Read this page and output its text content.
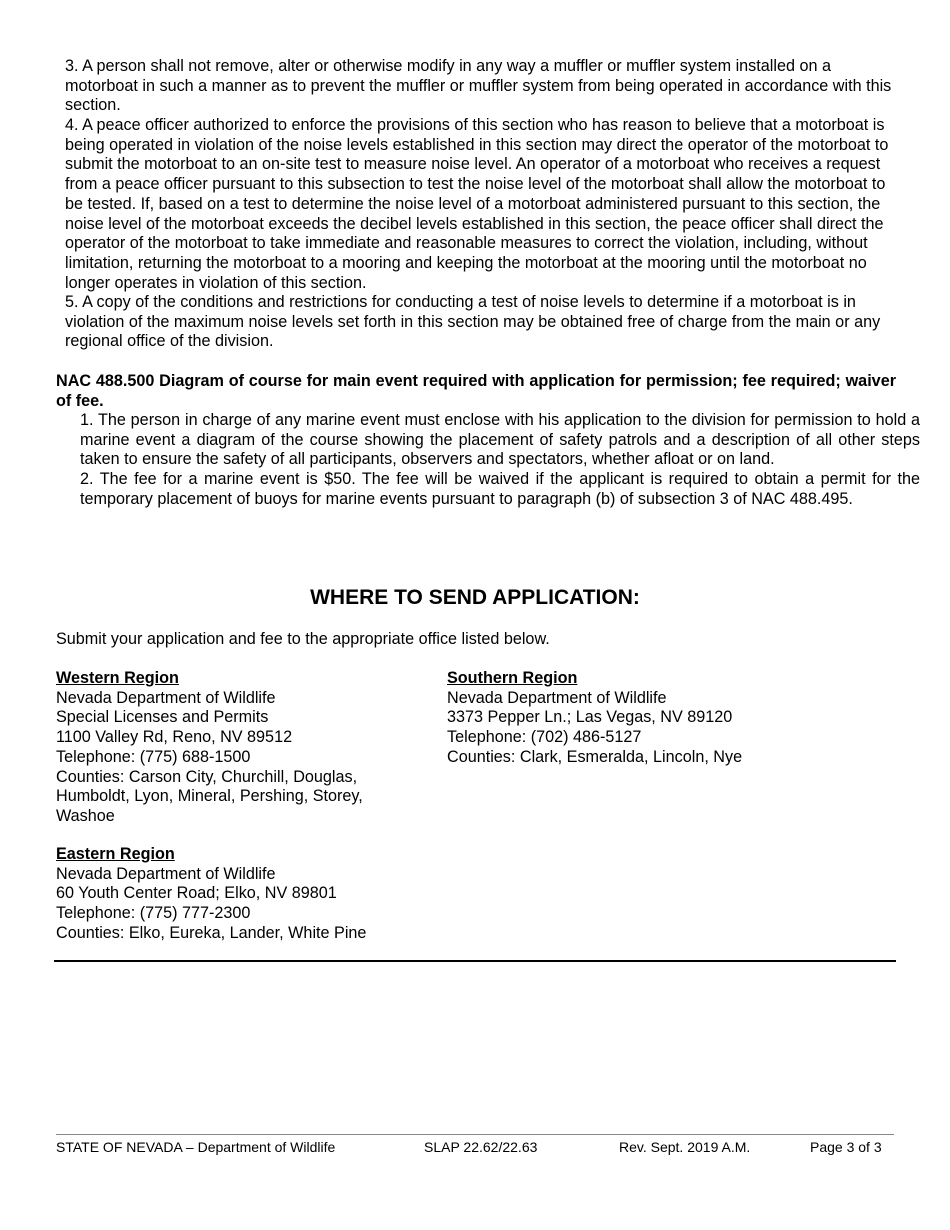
3. A person shall not remove, alter or otherwise modify in any way a muffler or muffler system installed on a motorboat in such a manner as to prevent the muffler or muffler system from being operated in accordance with this section.

4. A peace officer authorized to enforce the provisions of this section who has reason to believe that a motorboat is being operated in violation of the noise levels established in this section may direct the operator of the motorboat to submit the motorboat to an on-site test to measure noise level. An operator of a motorboat who receives a request from a peace officer pursuant to this subsection to test the noise level of the motorboat shall allow the motorboat to be tested. If, based on a test to determine the noise level of a motorboat administered pursuant to this section, the noise level of the motorboat exceeds the decibel levels established in this section, the peace officer shall direct the operator of the motorboat to take immediate and reasonable measures to correct the violation, including, without limitation, returning the motorboat to a mooring and keeping the motorboat at the mooring until the motorboat no longer operates in violation of this section.

5. A copy of the conditions and restrictions for conducting a test of noise levels to determine if a motorboat is in violation of the maximum noise levels set forth in this section may be obtained free of charge from the main or any regional office of the division.

NAC 488.500 Diagram of course for main event required with application for permission; fee required; waiver of fee.

1. The person in charge of any marine event must enclose with his application to the division for permission to hold a marine event a diagram of the course showing the placement of safety patrols and a description of all other steps taken to ensure the safety of all participants, observers and spectators, whether afloat or on land.

2. The fee for a marine event is $50. The fee will be waived if the applicant is required to obtain a permit for the temporary placement of buoys for marine events pursuant to paragraph (b) of subsection 3 of NAC 488.495.

WHERE TO SEND APPLICATION:

Submit your application and fee to the appropriate office listed below.

Western Region
Nevada Department of Wildlife
Special Licenses and Permits
1100 Valley Rd, Reno, NV 89512
Telephone: (775) 688-1500
Counties: Carson City, Churchill, Douglas,
Humboldt, Lyon, Mineral, Pershing, Storey,
Washoe
Southern Region
Nevada Department of Wildlife
3373 Pepper Ln.; Las Vegas, NV 89120
Telephone: (702) 486-5127
Counties: Clark, Esmeralda, Lincoln, Nye
Eastern Region
Nevada Department of Wildlife
60 Youth Center Road; Elko, NV 89801
Telephone: (775) 777-2300
Counties: Elko, Eureka, Lander, White Pine
STATE OF NEVADA – Department of Wildlife	SLAP 22.62/22.63	Rev. Sept. 2019 A.M.	Page 3 of 3
